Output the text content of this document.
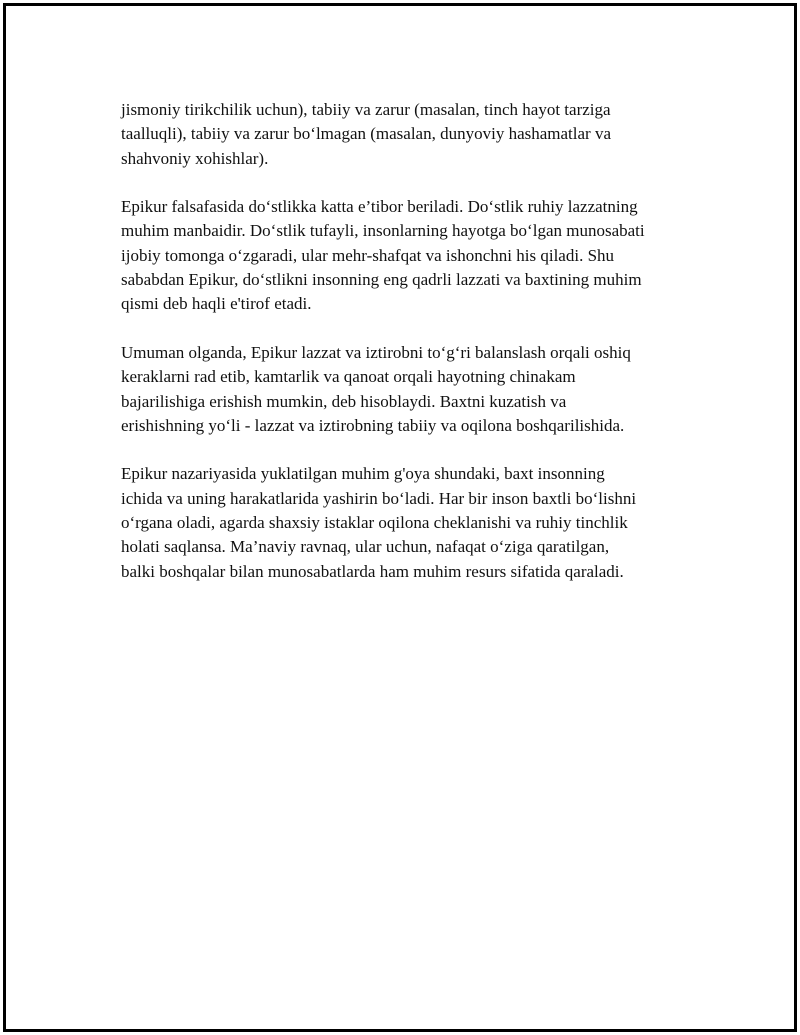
jismoniy tirikchilik uchun), tabiiy va zarur (masalan, tinch hayot tarziga
taalluqli), tabiiy va zarur bo‘lmagan (masalan, dunyoviy hashamatlar va
shahvoniy xohishlar).

Epikur falsafasida do‘stlikka katta e’tibor beriladi. Do‘stlik ruhiy lazzatning
muhim manbaidir. Do‘stlik tufayli, insonlarning hayotga bo‘lgan munosabati
ijobiy tomonga o‘zgaradi, ular mehr-shafqat va ishonchni his qiladi. Shu
sababdan Epikur, do‘stlikni insonning eng qadrli lazzati va baxtining muhim
qismi deb haqli e'tirof etadi.

Umuman olganda, Epikur lazzat va iztirobni to‘g‘ri balanslash orqali oshiq
keraklarni rad etib, kamtarlik va qanoat orqali hayotning chinakam
bajarilishiga erishish mumkin, deb hisoblaydi. Baxtni kuzatish va
erishishning yo‘li - lazzat va iztirobning tabiiy va oqilona boshqarilishida.

Epikur nazariyasida yuklatilgan muhim g'oya shundaki, baxt insonning
ichida va uning harakatlarida yashirin bo‘ladi. Har bir inson baxtli bo‘lishni
o‘rgana oladi, agarda shaxsiy istaklar oqilona cheklanishi va ruhiy tinchlik
holati saqlansa. Ma’naviy ravnaq, ular uchun, nafaqat o‘ziga qaratilgan,
balki boshqalar bilan munosabatlarda ham muhim resurs sifatida qaraladi.
